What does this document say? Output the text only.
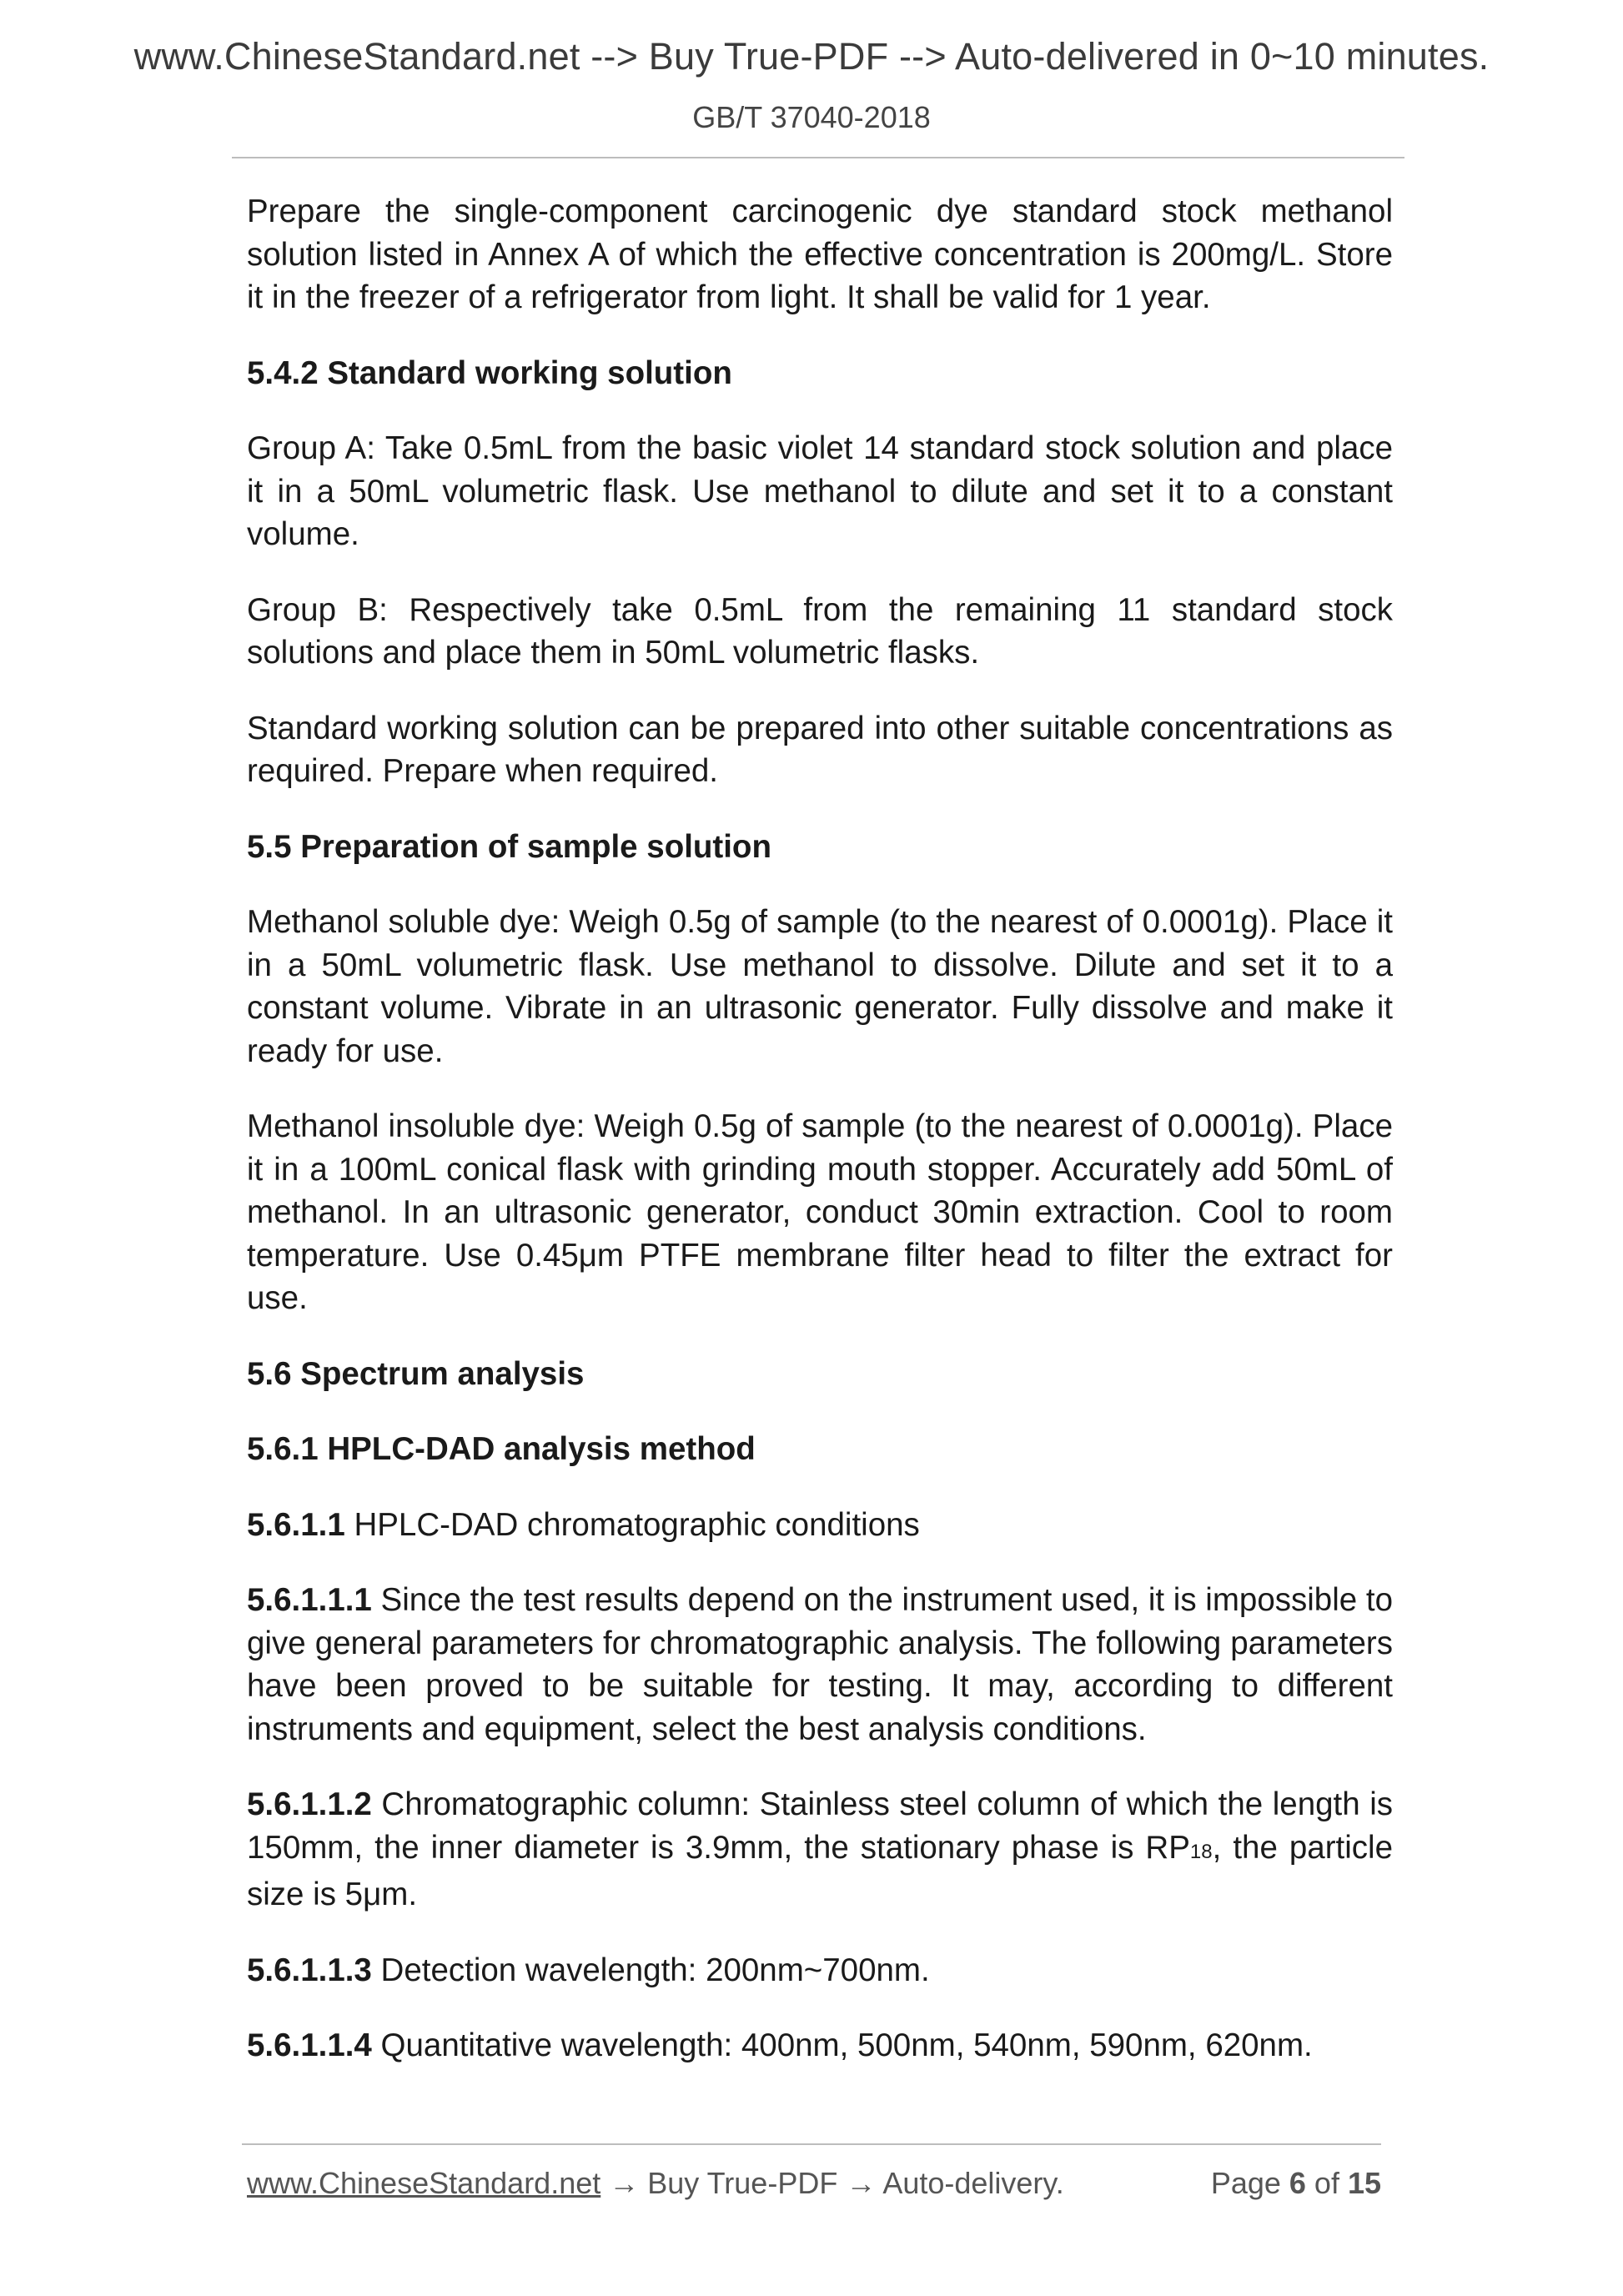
www.ChineseStandard.net --> Buy True-PDF --> Auto-delivered in 0~10 minutes.
GB/T 37040-2018

Prepare the single-component carcinogenic dye standard stock methanol solution listed in Annex A of which the effective concentration is 200mg/L. Store it in the freezer of a refrigerator from light. It shall be valid for 1 year.

5.4.2 Standard working solution

Group A: Take 0.5mL from the basic violet 14 standard stock solution and place it in a 50mL volumetric flask. Use methanol to dilute and set it to a constant volume.

Group B: Respectively take 0.5mL from the remaining 11 standard stock solutions and place them in 50mL volumetric flasks.

Standard working solution can be prepared into other suitable concentrations as required. Prepare when required.

5.5 Preparation of sample solution

Methanol soluble dye: Weigh 0.5g of sample (to the nearest of 0.0001g). Place it in a 50mL volumetric flask. Use methanol to dissolve. Dilute and set it to a constant volume. Vibrate in an ultrasonic generator. Fully dissolve and make it ready for use.

Methanol insoluble dye: Weigh 0.5g of sample (to the nearest of 0.0001g). Place it in a 100mL conical flask with grinding mouth stopper. Accurately add 50mL of methanol. In an ultrasonic generator, conduct 30min extraction. Cool to room temperature. Use 0.45μm PTFE membrane filter head to filter the extract for use.

5.6 Spectrum analysis

5.6.1 HPLC-DAD analysis method

5.6.1.1 HPLC-DAD chromatographic conditions

5.6.1.1.1 Since the test results depend on the instrument used, it is impossible to give general parameters for chromatographic analysis. The following parameters have been proved to be suitable for testing. It may, according to different instruments and equipment, select the best analysis conditions.

5.6.1.1.2 Chromatographic column: Stainless steel column of which the length is 150mm, the inner diameter is 3.9mm, the stationary phase is RP18, the particle size is 5μm.

5.6.1.1.3 Detection wavelength: 200nm~700nm.

5.6.1.1.4 Quantitative wavelength: 400nm, 500nm, 540nm, 590nm, 620nm.

www.ChineseStandard.net → Buy True-PDF → Auto-delivery.	Page 6 of 15
